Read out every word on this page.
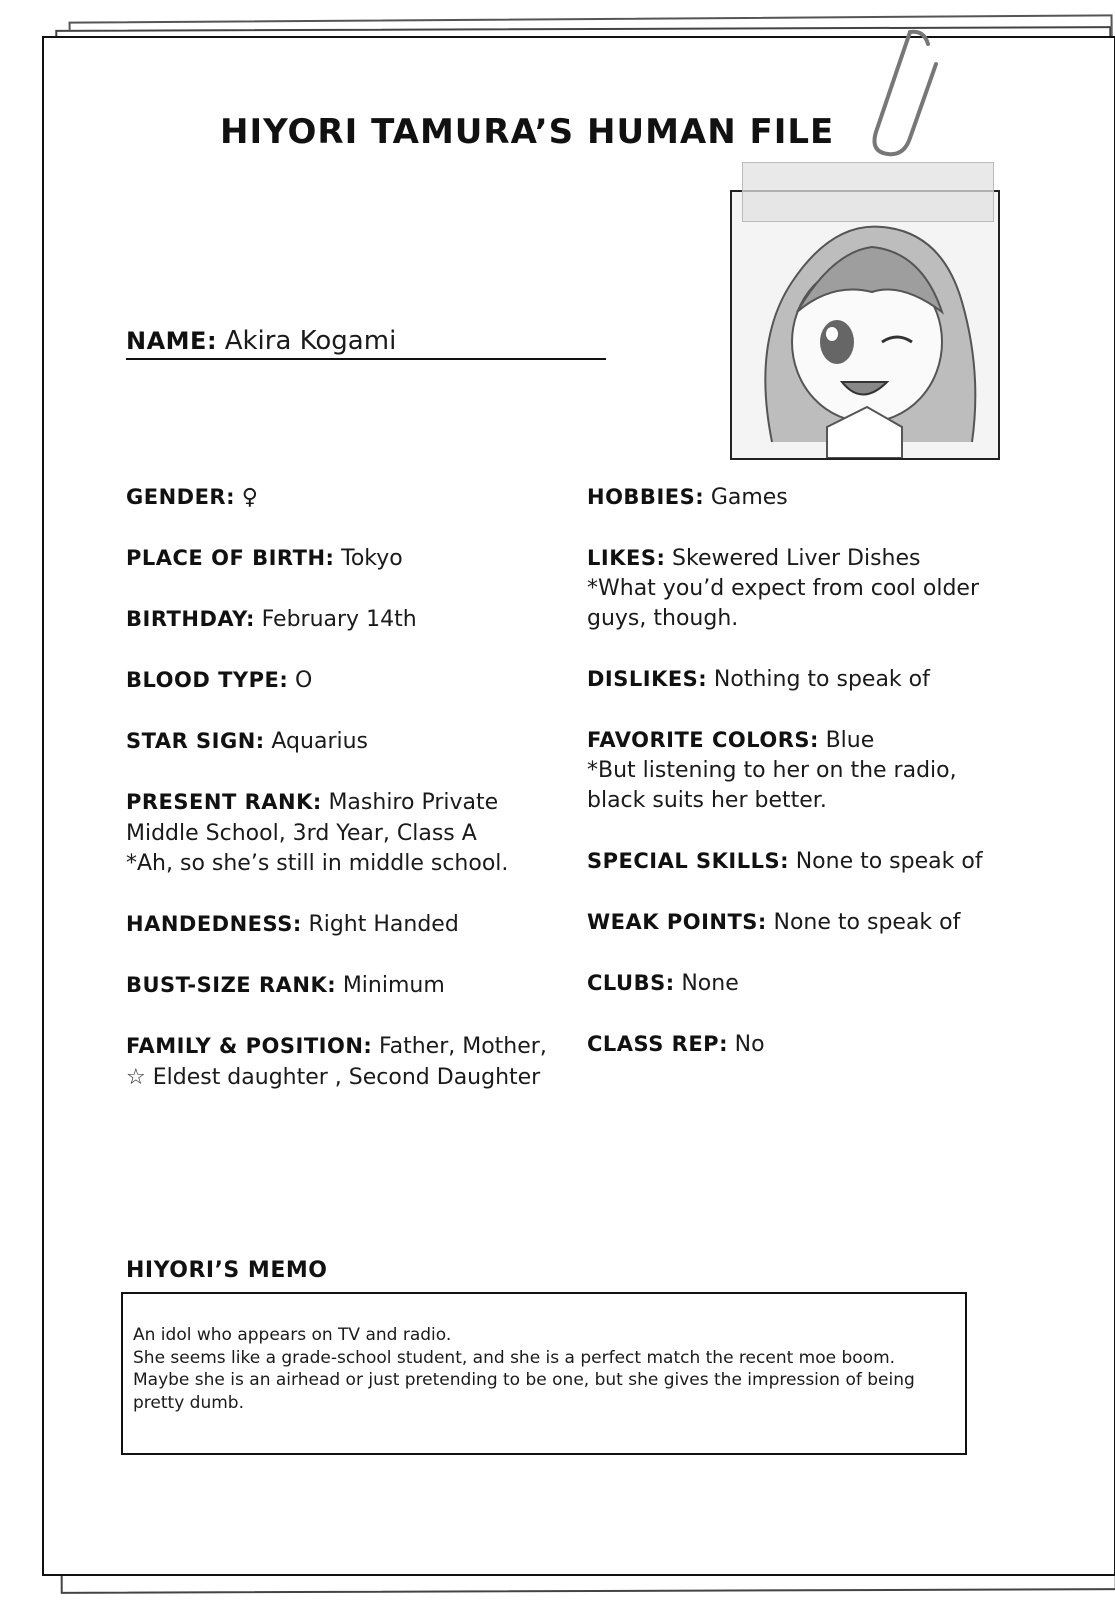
HIYORI TAMURA’S HUMAN FILE
NAME: Akira Kogami
GENDER: ♀
PLACE OF BIRTH: Tokyo
BIRTHDAY: February 14th
BLOOD TYPE: O
STAR SIGN: Aquarius
PRESENT RANK: Mashiro Private Middle School, 3rd Year, Class A
*Ah, so she’s still in middle school.
HANDEDNESS: Right Handed
BUST-SIZE RANK: Minimum
FAMILY & POSITION: Father, Mother, ☆ Eldest daughter , Second Daughter
HOBBIES: Games
LIKES: Skewered Liver Dishes
*What you’d expect from cool older guys, though.
DISLIKES: Nothing to speak of
FAVORITE COLORS: Blue
*But listening to her on the radio, black suits her better.
SPECIAL SKILLS: None to speak of
WEAK POINTS: None to speak of
CLUBS: None
CLASS REP: No
HIYORI’S MEMO
An idol who appears on TV and radio.
She seems like a grade-school student, and she is a perfect match the recent moe boom.
Maybe she is an airhead or just pretending to be one, but she gives the impression of being pretty dumb.
